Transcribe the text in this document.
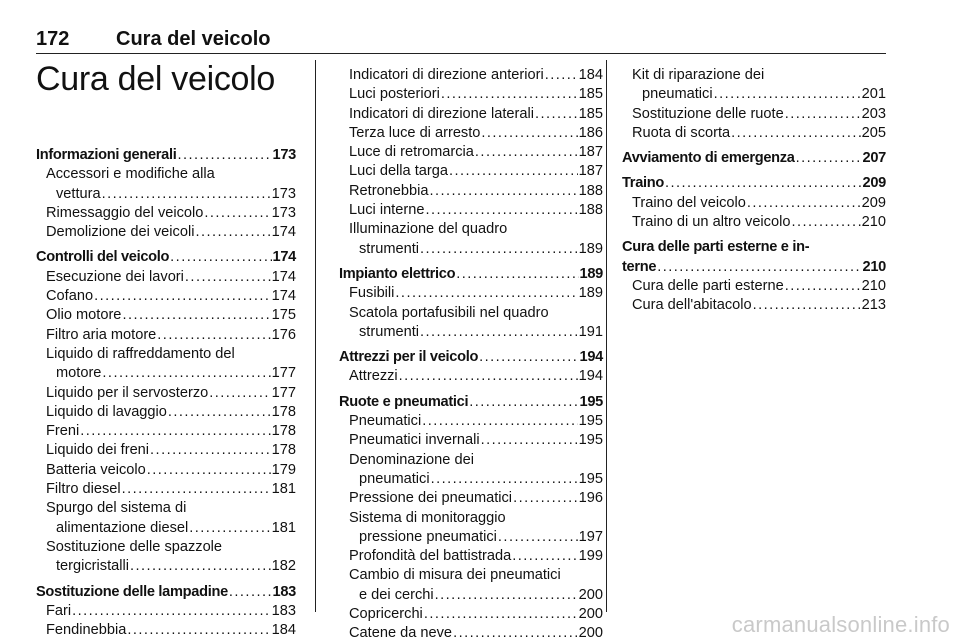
172 Cura del veicolo
Cura del veicolo
Informazioni generali . . .	173
Accessori e modifiche alla
vettura . . .	173
Rimessaggio del veicolo . . .	173
Demolizione dei veicoli . . .	174
Controlli del veicolo . . .	174
Esecuzione dei lavori . . .	174
Cofano . . .	174
Olio motore . . .	175
Filtro aria motore . . .	176
Liquido di raffreddamento del
motore . . .	177
Liquido per il servosterzo . . .	177
Liquido di lavaggio . . .	178
Freni . . .	178
Liquido dei freni . . .	178
Batteria veicolo . . .	179
Filtro diesel . . .	181
Spurgo del sistema di
alimentazione diesel . . .	181
Sostituzione delle spazzole
tergicristalli . . .	182
Sostituzione delle lampadine . . .	183
Fari . . .	183
Fendinebbia . . .	184
Indicatori di direzione anteriori . . . 184
Luci posteriori . . .	185
Indicatori di direzione laterali . . .	185
Terza luce di arresto . . .	186
Luce di retromarcia . . .	187
Luci della targa . . .	187
Retronebbia . . .	188
Luci interne . . .	188
Illuminazione del quadro
strumenti . . .	189
Impianto elettrico . . .	189
Fusibili . . .	189
Scatola portafusibili nel quadro
strumenti . . .	191
Attrezzi per il veicolo . . .	194
Attrezzi . . .	194
Ruote e pneumatici . . .	195
Pneumatici . . .	195
Pneumatici invernali . . .	195
Denominazione dei
pneumatici . . .	195
Pressione dei pneumatici . . .	196
Sistema di monitoraggio
pressione pneumatici . . .	197
Profondità del battistrada . . .	199
Cambio di misura dei pneumatici
e dei cerchi . . .	200
Copricerchi . . .	200
Catene da neve . . .	200
Kit di riparazione dei
pneumatici . . .	201
Sostituzione delle ruote . . .	203
Ruota di scorta . . .	205
Avviamento di emergenza . . .	207
Traino . . .	209
Traino del veicolo . . .	209
Traino di un altro veicolo . . .	210
Cura delle parti esterne e in-
terne . . .	210
Cura delle parti esterne . . .	210
Cura dell'abitacolo . . .	213
carmanualsonline.info
